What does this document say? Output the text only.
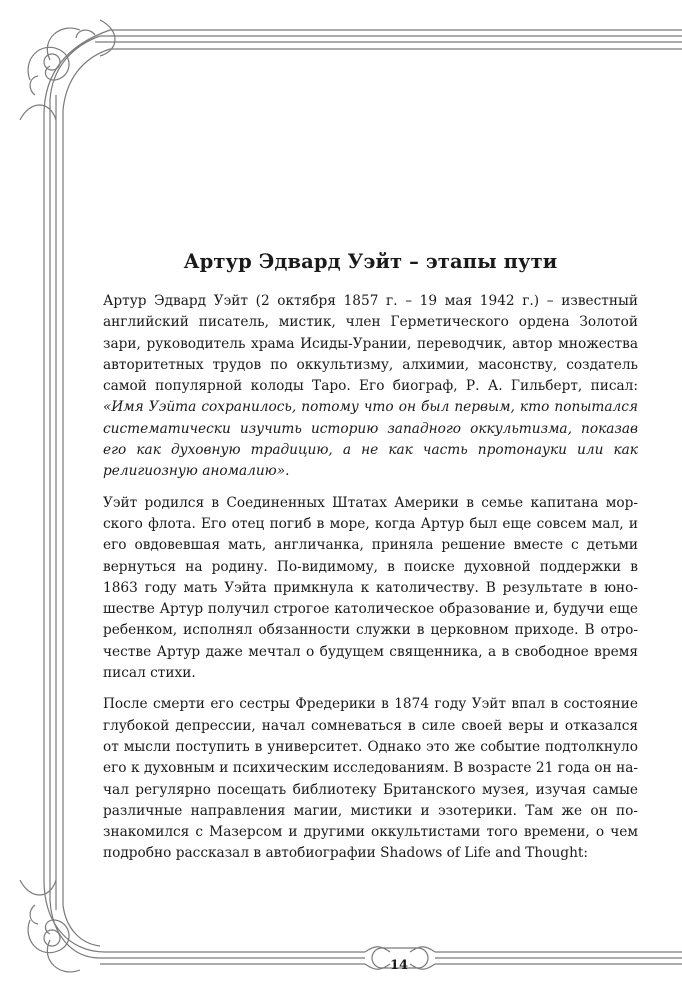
Артур Эдвард Уэйт – этапы пути

Артур Эдвард Уэйт (2 октября 1857 г. – 19 мая 1942 г.) – известный английский писатель, мистик, член Герметического ордена Золотой зари, руководитель храма Исиды-Урании, переводчик, автор множества авторитетных трудов по оккультизму, алхимии, масонству, создатель самой популярной колоды Таро. Его биограф, Р. А. Гильберт, писал: «Имя Уэйта сохранилось, потому что он был первым, кто попытался систематически изучить историю западного оккультизма, показав его как духовную традицию, а не как часть протонауки или как религиозную аномалию».

Уэйт родился в Соединенных Штатах Америки в семье капитана морского флота. Его отец погиб в море, когда Артур был еще совсем мал, и его овдовевшая мать, англичанка, приняла решение вместе с детьми вернуться на родину. По-видимому, в поиске духовной поддержки в 1863 году мать Уэйта примкнула к католичеству. В результате в юношестве Артур получил строгое католическое образование и, будучи еще ребенком, исполнял обязанности служки в церковном приходе. В отрочестве Артур даже мечтал о будущем священника, а в свободное время писал стихи.

После смерти его сестры Фредерики в 1874 году Уэйт впал в состояние глубокой депрессии, начал сомневаться в силе своей веры и отказался от мысли поступить в университет. Однако это же событие подтолкнуло его к духовным и психическим исследованиям. В возрасте 21 года он начал регулярно посещать библиотеку Британского музея, изучая самые различные направления магии, мистики и эзотерики. Там же он познакомился с Мазерсом и другими оккультистами того времени, о чем подробно рассказал в автобиографии Shadows of Life and Thought:

14
